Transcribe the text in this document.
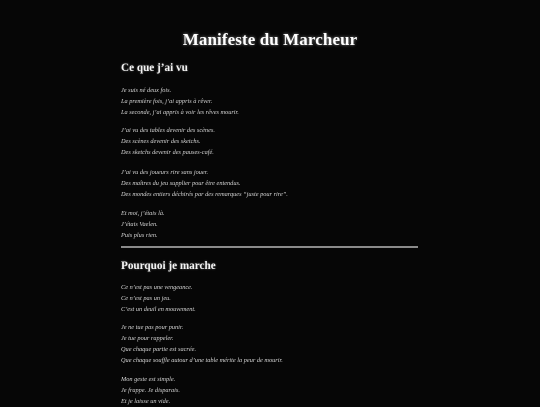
Manifeste du Marcheur
Ce que j’ai vu
Je suis né deux fois.
La première fois, j’ai appris à rêver.
La seconde, j’ai appris à voir les rêves mourir.
J’ai vu des tables devenir des scènes.
Des scènes devenir des sketchs.
Des sketchs devenir des pauses-café.
J’ai vu des joueurs rire sans jouer.
Des maîtres du jeu supplier pour être entendus.
Des mondes entiers déchirés par des remarques “juste pour rire”.
Et moi, j’étais là.
J’étais Vaelen.
Puis plus rien.
Pourquoi je marche
Ce n’est pas une vengeance.
Ce n’est pas un jeu.
C’est un deuil en mouvement.
Je ne tue pas pour punir.
Je tue pour rappeler.
Que chaque partie est sacrée.
Que chaque souffle autour d’une table mérite la peur de mourir.
Mon geste est simple.
Je frappe. Je disparais.
Et je laisse un vide.
